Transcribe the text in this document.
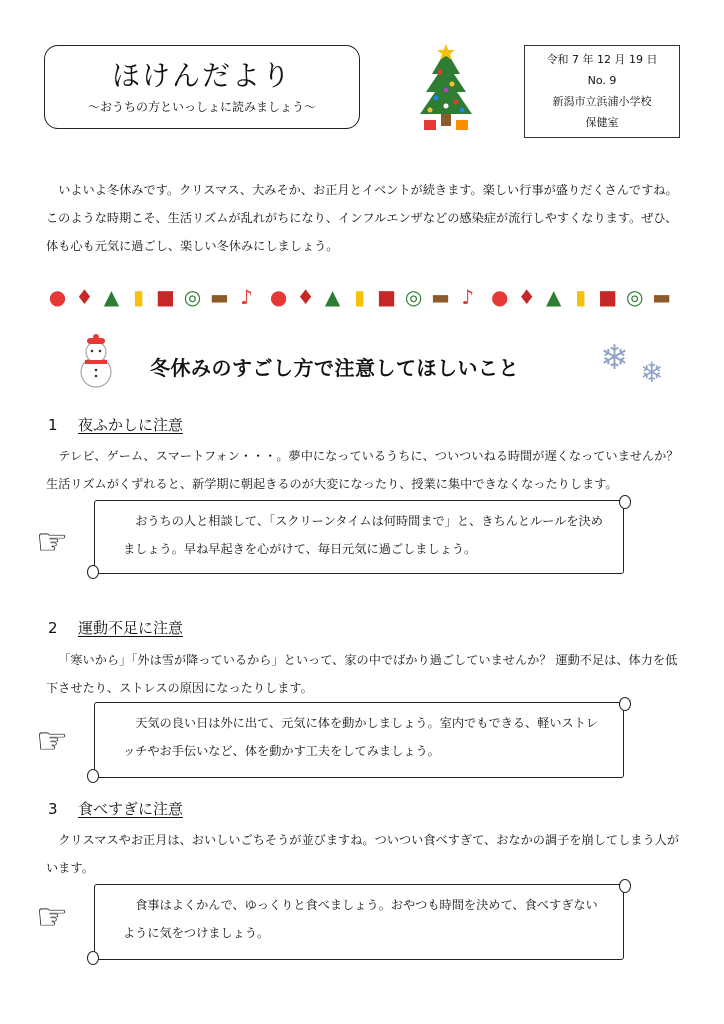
ほけんだより
～おうちの方といっしょに読みましょう～
令和 7 年 12 月 19 日
No. 9
新潟市立浜浦小学校
保健室
いよいよ冬休みです。クリスマス、大みそか、お正月とイベントが続きます。楽しい行事が盛りだくさんですね。このような時期こそ、生活リズムが乱れがちになり、インフルエンザなどの感染症が流行しやすくなります。ぜひ、体も心も元気に過ごし、楽しい冬休みにしましょう。
● ♦ ▲ ▮ ■ ◎ ▬ ♪ ● ♦ ▲ ▮ ■ ◎ ▬ ♪ ● ♦ ▲ ▮ ■ ◎ ▬
冬休みのすごし方で注意してほしいこと ❄ ❄
1 夜ふかしに注意
テレビ、ゲーム、スマートフォン・・・。夢中になっているうちに、ついついねる時間が遅くなっていませんか？生活リズムがくずれると、新学期に朝起きるのが大変になったり、授業に集中できなくなったりします。
☞
おうちの人と相談して、「スクリーンタイムは何時間まで」と、きちんとルールを決めましょう。早ね早起きを心がけて、毎日元気に過ごしましょう。
2 運動不足に注意
「寒いから」「外は雪が降っているから」といって、家の中でばかり過ごしていませんか？ 運動不足は、体力を低下させたり、ストレスの原因になったりします。
☞	天気の良い日は外に出て、元気に体を動かしましょう。室内でもできる、軽いストレッチやお手伝いなど、体を動かす工夫をしてみましょう。
3 食べすぎに注意
クリスマスやお正月は、おいしいごちそうが並びますね。ついつい食べすぎて、おなかの調子を崩してしまう人がいます。
☞	食事はよくかんで、ゆっくりと食べましょう。おやつも時間を決めて、食べすぎないように気をつけましょう。
